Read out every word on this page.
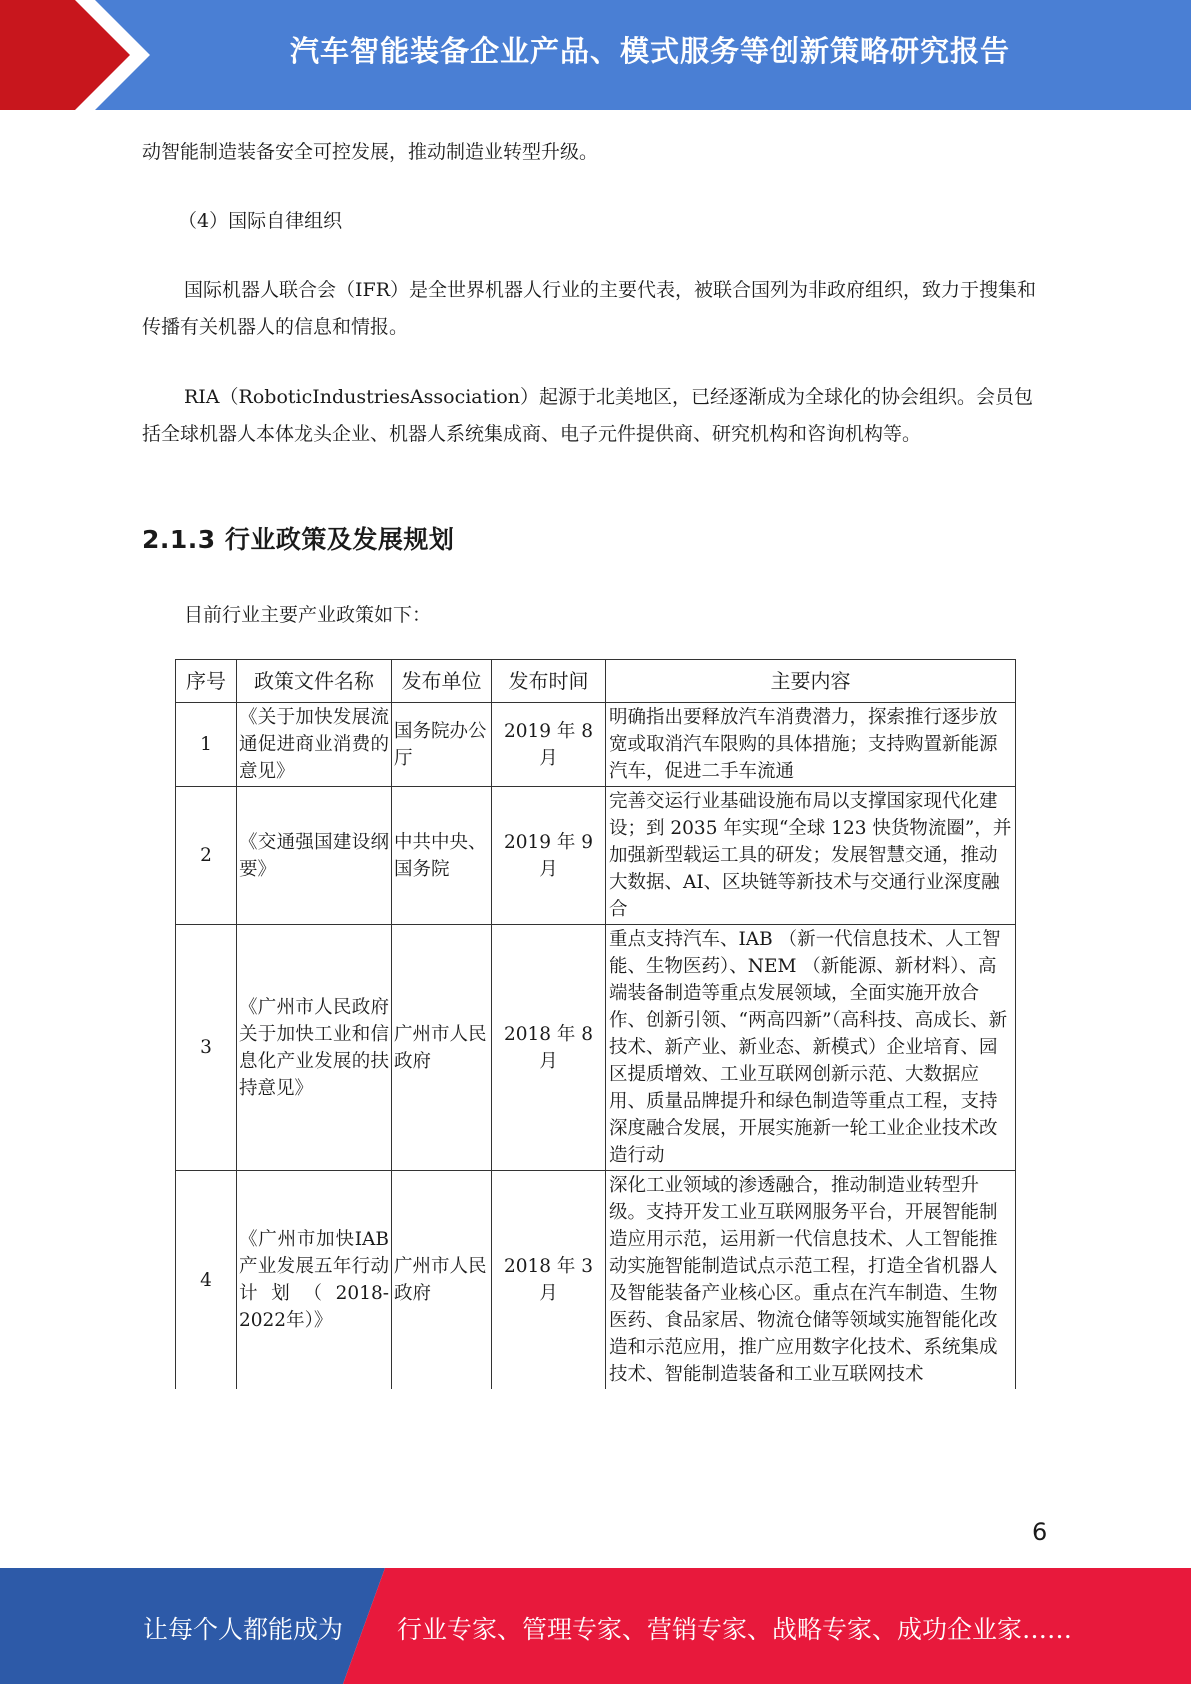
汽车智能装备企业产品、模式服务等创新策略研究报告

动智能制造装备安全可控发展，推动制造业转型升级。

（4）国际自律组织

国际机器人联合会（IFR）是全世界机器人行业的主要代表，被联合国列为非政府组织，致力于搜集和传播有关机器人的信息和情报。

RIA（RoboticIndustriesAssociation）起源于北美地区，已经逐渐成为全球化的协会组织。会员包括全球机器人本体龙头企业、机器人系统集成商、电子元件提供商、研究机构和咨询机构等。

2.1.3 行业政策及发展规划

目前行业主要产业政策如下：

序号	政策文件名称	发布单位	发布时间	主要内容
1	《关于加快发展流通促进商业消费的意见》	国务院办公厅	2019 年 8 月	明确指出要释放汽车消费潜力，探索推行逐步放宽或取消汽车限购的具体措施；支持购置新能源汽车，促进二手车流通
2	《交通强国建设纲要》	中共中央、国务院	2019 年 9 月	完善交运行业基础设施布局以支撑国家现代化建设；到 2035 年实现“全球 123 快货物流圈”，并加强新型载运工具的研发；发展智慧交通，推动大数据、AI、区块链等新技术与交通行业深度融合
3	《广州市人民政府关于加快工业和信息化产业发展的扶持意见》	广州市人民政府	2018 年 8 月	重点支持汽车、IAB （新一代信息技术、人工智能、生物医药）、NEM （新能源、新材料）、高端装备制造等重点发展领域，全面实施开放合作、创新引领、“两高四新”（高科技、高成长、新技术、新产业、新业态、新模式）企业培育、园区提质增效、工业互联网创新示范、大数据应用、质量品牌提升和绿色制造等重点工程，支持深度融合发展，开展实施新一轮工业企业技术改造行动
4	《广州市加快IAB 产业发展五年行动计划（2018-2022年）》	广州市人民政府	2018 年 3 月	深化工业领域的渗透融合，推动制造业转型升级。支持开发工业互联网服务平台，开展智能制造应用示范，运用新一代信息技术、人工智能推动实施智能制造试点示范工程，打造全省机器人及智能装备产业核心区。重点在汽车制造、生物医药、食品家居、物流仓储等领域实施智能化改造和示范应用，推广应用数字化技术、系统集成技术、智能制造装备和工业互联网技术
6
让每个人都能成为 行业专家、管理专家、营销专家、战略专家、成功企业家……
